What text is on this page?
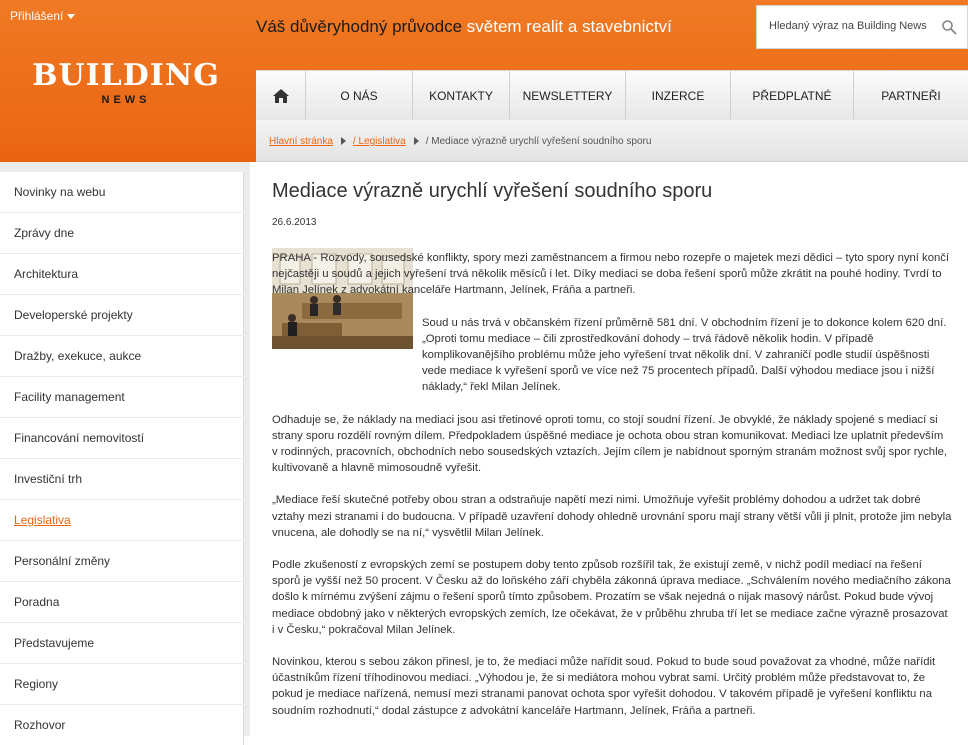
Přihlášení
Váš důvěryhodný průvodce světem realit a stavebnictví
Hledaný výraz na Building News
BUILDING
NEWS	O NÁS	KONTAKTY	NEWSLETTERY	INZERCE	PŘEDPLATNÉ	PARTNEŘI
Hlavní stránka / Legislativa / Mediace výrazně urychlí vyřešení soudního sporu
Novinky na webu
Zprávy dne
Architektura
Developerské projekty
Dražby, exekuce, aukce
Facility management
Financování nemovitostí
Investiční trh
Legislativa
Personální změny
Poradna
Představujeme
Regiony
Rozhovor
Mediace výrazně urychlí vyřešení soudního sporu
26.6.2013

PRAHA - Rozvody, sousedské konflikty, spory mezi zaměstnancem a firmou nebo rozepře o majetek mezi dědici – tyto spory nyní končí nejčastěji u soudů a jejich vyřešení trvá několik měsíců i let. Díky mediaci se doba řešení sporů může zkrátit na pouhé hodiny. Tvrdí to Milan Jelínek z advokátní kanceláře Hartmann, Jelínek, Fráňa a partneři.

Soud u nás trvá v občanském řízení průměrně 581 dní. V obchodním řízení je to dokonce kolem 620 dní. „Oproti tomu mediace – čili zprostředkování dohody – trvá řádově několik hodin. V případě komplikovanějšího problému může jeho vyřešení trvat několik dní. V zahraničí podle studií úspěšnosti vede mediace k vyřešení sporů ve více než 75 procentech případů. Další výhodou mediace jsou i nižší náklady,“ řekl Milan Jelínek.

Odhaduje se, že náklady na mediaci jsou asi třetinové oproti tomu, co stojí soudní řízení. Je obvyklé, že náklady spojené s mediací si strany sporu rozdělí rovným dílem. Předpokladem úspěšné mediace je ochota obou stran komunikovat. Mediaci lze uplatnit především v rodinných, pracovních, obchodních nebo sousedských vztazích. Jejím cílem je nabídnout sporným stranám možnost svůj spor rychle, kultivovaně a hlavně mimosoudně vyřešit.

„Mediace řeší skutečné potřeby obou stran a odstraňuje napětí mezi nimi. Umožňuje vyřešit problémy dohodou a udržet tak dobré vztahy mezi stranami i do budoucna. V případě uzavření dohody ohledně urovnání sporu mají strany větší vůli ji plnit, protože jim nebyla vnucena, ale dohodly se na ní,“ vysvětlil Milan Jelínek.

Podle zkušeností z evropských zemí se postupem doby tento způsob rozšířil tak, že existují země, v nichž podíl mediací na řešení sporů je vyšší než 50 procent. V Česku až do loňského září chyběla zákonná úprava mediace. „Schválením nového mediačního zákona došlo k mírnému zvýšení zájmu o řešení sporů tímto způsobem. Prozatím se však nejedná o nijak masový nárůst. Pokud bude vývoj mediace obdobný jako v některých evropských zemích, lze očekávat, že v průběhu zhruba tří let se mediace začne výrazně prosazovat i v Česku,“ pokračoval Milan Jelínek.

Novinkou, kterou s sebou zákon přinesl, je to, že mediaci může nařídit soud. Pokud to bude soud považovat za vhodné, může nařídit účastníkům řízení tříhodinovou mediaci. „Výhodou je, že si mediátora mohou vybrat sami. Určitý problém může představovat to, že pokud je mediace nařízená, nemusí mezi stranami panovat ochota spor vyřešit dohodou. V takovém případě je vyřešení konfliktu na soudním rozhodnutí,“ dodal zástupce z advokátní kanceláře Hartmann, Jelínek, Fráňa a partneři.
